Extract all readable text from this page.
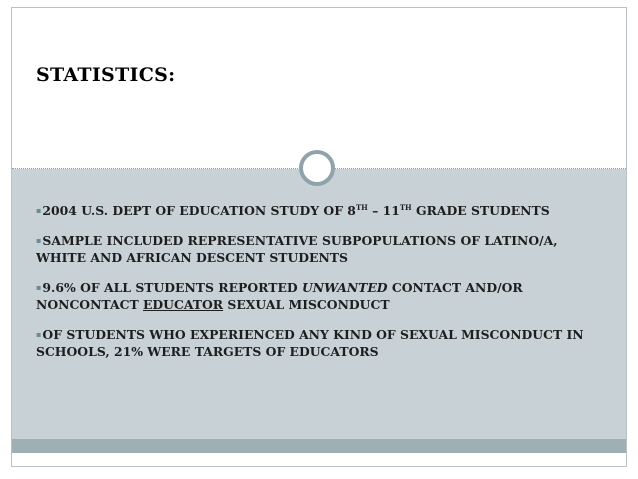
STATISTICS:
▪2004 U.S. DEPT OF EDUCATION STUDY OF 8TH – 11TH GRADE STUDENTS
▪SAMPLE INCLUDED REPRESENTATIVE SUBPOPULATIONS OF LATINO/A, WHITE AND AFRICAN DESCENT STUDENTS
▪9.6% OF ALL STUDENTS REPORTED UNWANTED CONTACT AND/OR NONCONTACT EDUCATOR SEXUAL MISCONDUCT
▪OF STUDENTS WHO EXPERIENCED ANY KIND OF SEXUAL MISCONDUCT IN SCHOOLS, 21% WERE TARGETS OF EDUCATORS
